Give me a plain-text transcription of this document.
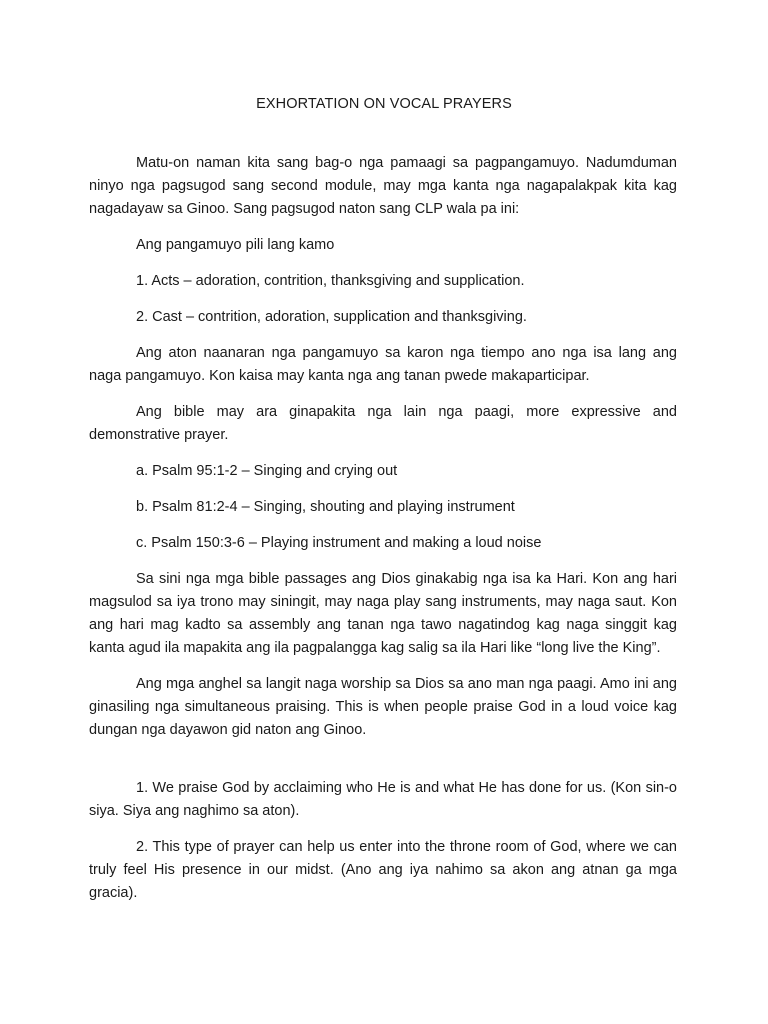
EXHORTATION ON VOCAL PRAYERS

Matu-on naman kita sang bag-o nga pamaagi sa pagpangamuyo. Nadumduman ninyo nga pagsugod sang second module, may mga kanta nga nagapalakpak kita kag nagadayaw sa Ginoo. Sang pagsugod naton sang CLP wala pa ini:

Ang pangamuyo pili lang kamo

1. Acts – adoration, contrition, thanksgiving and supplication.

2. Cast – contrition, adoration, supplication and thanksgiving.

Ang aton naanaran nga pangamuyo sa karon nga tiempo ano nga isa lang ang naga pangamuyo. Kon kaisa may kanta nga ang tanan pwede makaparticipar.

Ang bible may ara ginapakita nga lain nga paagi, more expressive and demonstrative prayer.

a. Psalm 95:1-2 – Singing and crying out

b. Psalm 81:2-4 – Singing, shouting and playing instrument

c. Psalm 150:3-6 – Playing instrument and making a loud noise

Sa sini nga mga bible passages ang Dios ginakabig nga isa ka Hari. Kon ang hari magsulod sa iya trono may siningit, may naga play sang instruments, may naga saut. Kon ang hari mag kadto sa assembly ang tanan nga tawo nagatindog kag naga singgit kag kanta agud ila mapakita ang ila pagpalangga kag salig sa ila Hari like “long live the King”.

Ang mga anghel sa langit naga worship sa Dios sa ano man nga paagi. Amo ini ang ginasiling nga simultaneous praising. This is when people praise God in a loud voice kag dungan nga dayawon gid naton ang Ginoo.

1. We praise God by acclaiming who He is and what He has done for us. (Kon sin-o siya. Siya ang naghimo sa aton).

2. This type of prayer can help us enter into the throne room of God, where we can truly feel His presence in our midst. (Ano ang iya nahimo sa akon ang atnan ga mga gracia).
